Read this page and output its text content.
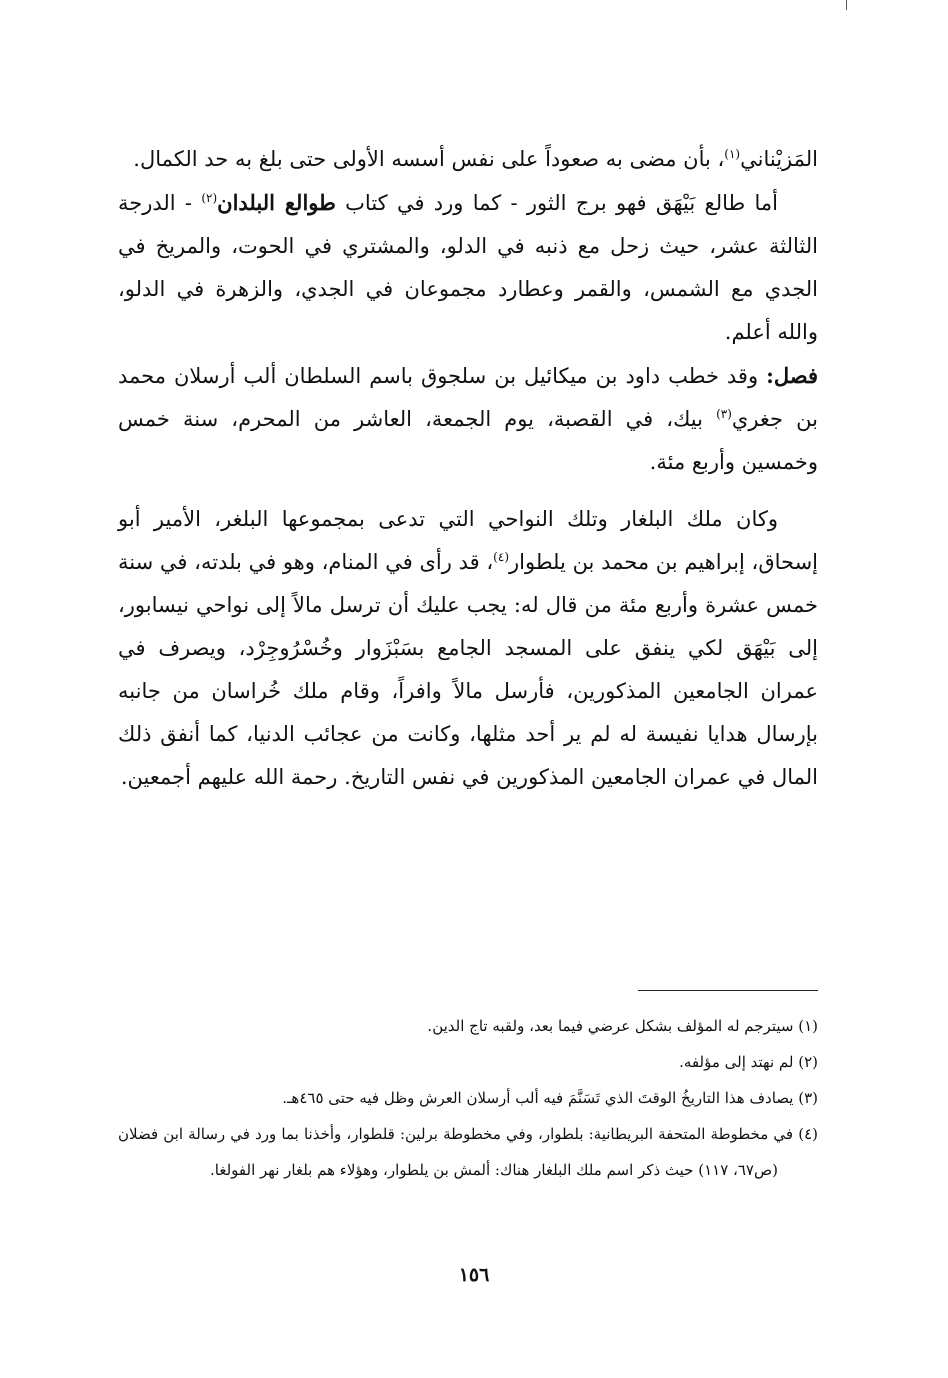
المَزيْناني$^{(١)}$، بأن مضى به صعوداً على نفس أسسه الأولى حتى بلغ به حد الكمال.

أما طالع بَيْهَق فهو برج الثور - كما ورد في كتاب طوالع البلدان$^{(٢)}$ - الدرجة الثالثة عشر، حيث زحل مع ذنبه في الدلو، والمشتري في الحوت، والمريخ في الجدي مع الشمس، والقمر وعطارد مجموعان في الجدي، والزهرة في الدلو، والله أعلم.

فصل: وقد خطب داود بن ميكائيل بن سلجوق باسم السلطان ألب أرسلان محمد بن جغري$^{(٣)}$ بيك، في القصبة، يوم الجمعة، العاشر من المحرم، سنة خمس وخمسين وأربع مئة.

وكان ملك البلغار وتلك النواحي التي تدعى بمجموعها البلغر، الأمير أبو إسحاق، إبراهيم بن محمد بن يلطوار$^{(٤)}$، قد رأى في المنام، وهو في بلدته، في سنة خمس عشرة وأربع مئة من قال له: يجب عليك أن ترسل مالاً إلى نواحي نيسابور، إلى بَيْهَق لكي ينفق على المسجد الجامع بسَبْزَوار وخُسْرُوجِرْد، ويصرف في عمران الجامعين المذكورين، فأرسل مالاً وافراً، وقام ملك خُراسان من جانبه بإرسال هدايا نفيسة له لم ير أحد مثلها، وكانت من عجائب الدنيا، كما أنفق ذلك المال في عمران الجامعين المذكورين في نفس التاريخ. رحمة الله عليهم أجمعين.

(١) سيترجم له المؤلف بشكل عرضي فيما بعد، ولقبه تاج الدين.

(٢) لم نهتد إلى مؤلفه.

(٣) يصادف هذا التاريخُ الوقتَ الذي تَسَنَّمَ فيه ألب أرسلان العرش وظل فيه حتى ٤٦٥هـ.

(٤) في مخطوطة المتحفة البريطانية: بلطوار، وفي مخطوطة برلين: قلطوار، وأخذنا بما ورد في رسالة ابن فضلان

(ص٦٧، ١١٧) حيث ذكر اسم ملك البلغار هناك: ألمش بن يلطوار، وهؤلاء هم بلغار نهر الفولغا.

١٥٦
